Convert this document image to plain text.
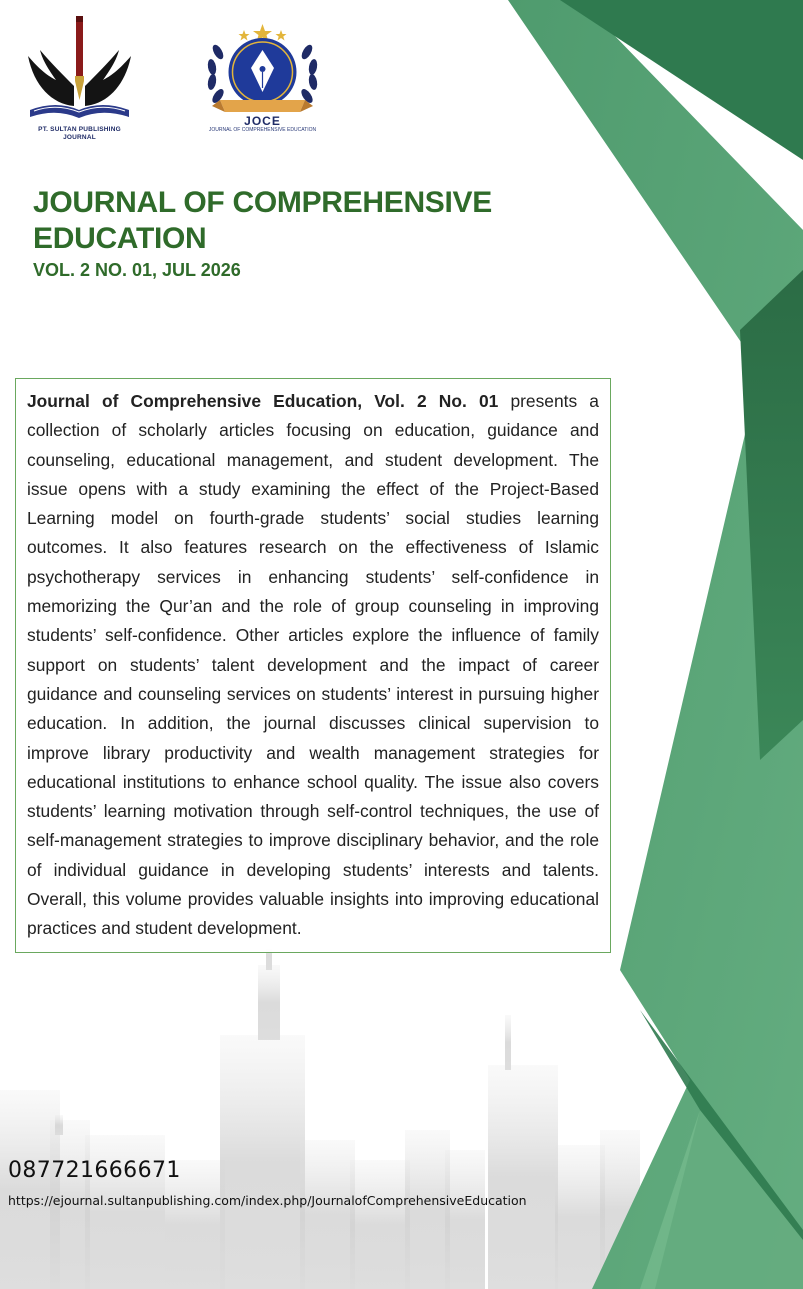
PT. SULTAN PUBLISHING
JOURNAL
JOCE
JOURNAL OF COMPREHENSIVE EDUCATION
JOURNAL OF COMPREHENSIVE EDUCATION

VOL. 2 NO. 01, JUL 2026

Journal of Comprehensive Education, Vol. 2 No. 01 presents a collection of scholarly articles focusing on education, guidance and counseling, educational management, and student development. The issue opens with a study examining the effect of the Project-Based Learning model on fourth-grade students’ social studies learning outcomes. It also features research on the effectiveness of Islamic psychotherapy services in enhancing students’ self-confidence in memorizing the Qur’an and the role of group counseling in improving students’ self-confidence. Other articles explore the influence of family support on students’ talent development and the impact of career guidance and counseling services on students’ interest in pursuing higher education. In addition, the journal discusses clinical supervision to improve library productivity and wealth management strategies for educational institutions to enhance school quality. The issue also covers students’ learning motivation through self-control techniques, the use of self-management strategies to improve disciplinary behavior, and the role of individual guidance in developing students’ interests and talents. Overall, this volume provides valuable insights into improving educational practices and student development.

087721666671
https://ejournal.sultanpublishing.com/index.php/JournalofComprehensiveEducation
